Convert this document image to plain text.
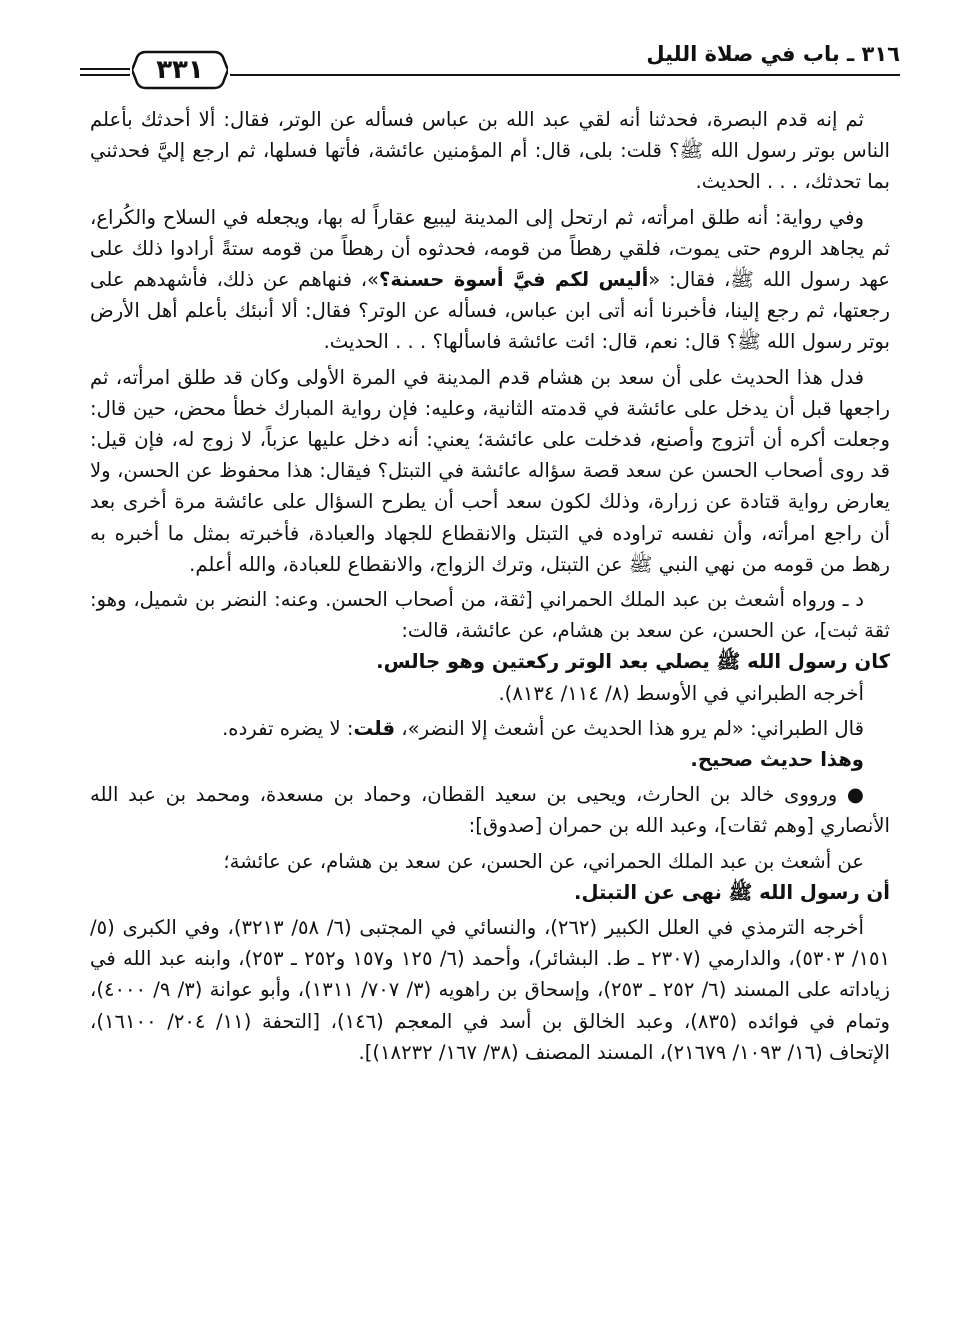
٣١٦ ـ باب في صلاة الليل
٣٣١

ثم إنه قدم البصرة، فحدثنا أنه لقي عبد الله بن عباس فسأله عن الوتر، فقال: ألا أحدثك بأعلم الناس بوتر رسول الله ﷺ؟ قلت: بلى، قال: أم المؤمنين عائشة، فأتها فسلها، ثم ارجع إليَّ فحدثني بما تحدثك، . . . الحديث.

وفي رواية: أنه طلق امرأته، ثم ارتحل إلى المدينة ليبيع عقاراً له بها، ويجعله في السلاح والكُراع، ثم يجاهد الروم حتى يموت، فلقي رهطاً من قومه، فحدثوه أن رهطاً من قومه ستةً أرادوا ذلك على عهد رسول الله ﷺ، فقال: «أليس لكم فيَّ أسوة حسنة؟»، فنهاهم عن ذلك، فأشهدهم على رجعتها، ثم رجع إلينا، فأخبرنا أنه أتى ابن عباس، فسأله عن الوتر؟ فقال: ألا أنبئك بأعلم أهل الأرض بوتر رسول الله ﷺ؟ قال: نعم، قال: ائت عائشة فاسألها؟ . . . الحديث.

فدل هذا الحديث على أن سعد بن هشام قدم المدينة في المرة الأولى وكان قد طلق امرأته، ثم راجعها قبل أن يدخل على عائشة في قدمته الثانية، وعليه: فإن رواية المبارك خطأ محض، حين قال: وجعلت أكره أن أتزوج وأصنع، فدخلت على عائشة؛ يعني: أنه دخل عليها عزباً، لا زوج له، فإن قيل: قد روى أصحاب الحسن عن سعد قصة سؤاله عائشة في التبتل؟ فيقال: هذا محفوظ عن الحسن، ولا يعارض رواية قتادة عن زرارة، وذلك لكون سعد أحب أن يطرح السؤال على عائشة مرة أخرى بعد أن راجع امرأته، وأن نفسه تراوده في التبتل والانقطاع للجهاد والعبادة، فأخبرته بمثل ما أخبره به رهط من قومه من نهي النبي ﷺ عن التبتل، وترك الزواج، والانقطاع للعبادة، والله أعلم.

د ـ ورواه أشعث بن عبد الملك الحمراني [ثقة، من أصحاب الحسن. وعنه: النضر بن شميل، وهو: ثقة ثبت]، عن الحسن، عن سعد بن هشام، عن عائشة، قالت:

كان رسول الله ﷺ يصلي بعد الوتر ركعتين وهو جالس.

أخرجه الطبراني في الأوسط (٨/ ١١٤/ ٨١٣٤).

قال الطبراني: «لم يرو هذا الحديث عن أشعث إلا النضر»، قلت: لا يضره تفرده.

وهذا حديث صحيح.

● ورووى خالد بن الحارث، ويحيى بن سعيد القطان، وحماد بن مسعدة، ومحمد بن عبد الله الأنصاري [وهم ثقات]، وعبد الله بن حمران [صدوق]:

عن أشعث بن عبد الملك الحمراني، عن الحسن، عن سعد بن هشام، عن عائشة؛

أن رسول الله ﷺ نهى عن التبتل.

أخرجه الترمذي في العلل الكبير (٢٦٢)، والنسائي في المجتبى (٦/ ٥٨/ ٣٢١٣)، وفي الكبرى (٥/ ١٥١/ ٥٣٠٣)، والدارمي (٢٣٠٧ ـ ط. البشائر)، وأحمد (٦/ ١٢٥ و١٥٧ و٢٥٢ ـ ٢٥٣)، وابنه عبد الله في زياداته على المسند (٦/ ٢٥٢ ـ ٢٥٣)، وإسحاق بن راهويه (٣/ ٧٠٧/ ١٣١١)، وأبو عوانة (٣/ ٩/ ٤٠٠٠)، وتمام في فوائده (٨٣٥)، وعبد الخالق بن أسد في المعجم (١٤٦)، [التحفة (١١/ ٢٠٤/ ١٦١٠٠)، الإتحاف (١٦/ ١٠٩٣/ ٢١٦٧٩)، المسند المصنف (٣٨/ ١٦٧/ ١٨٢٣٢)].
